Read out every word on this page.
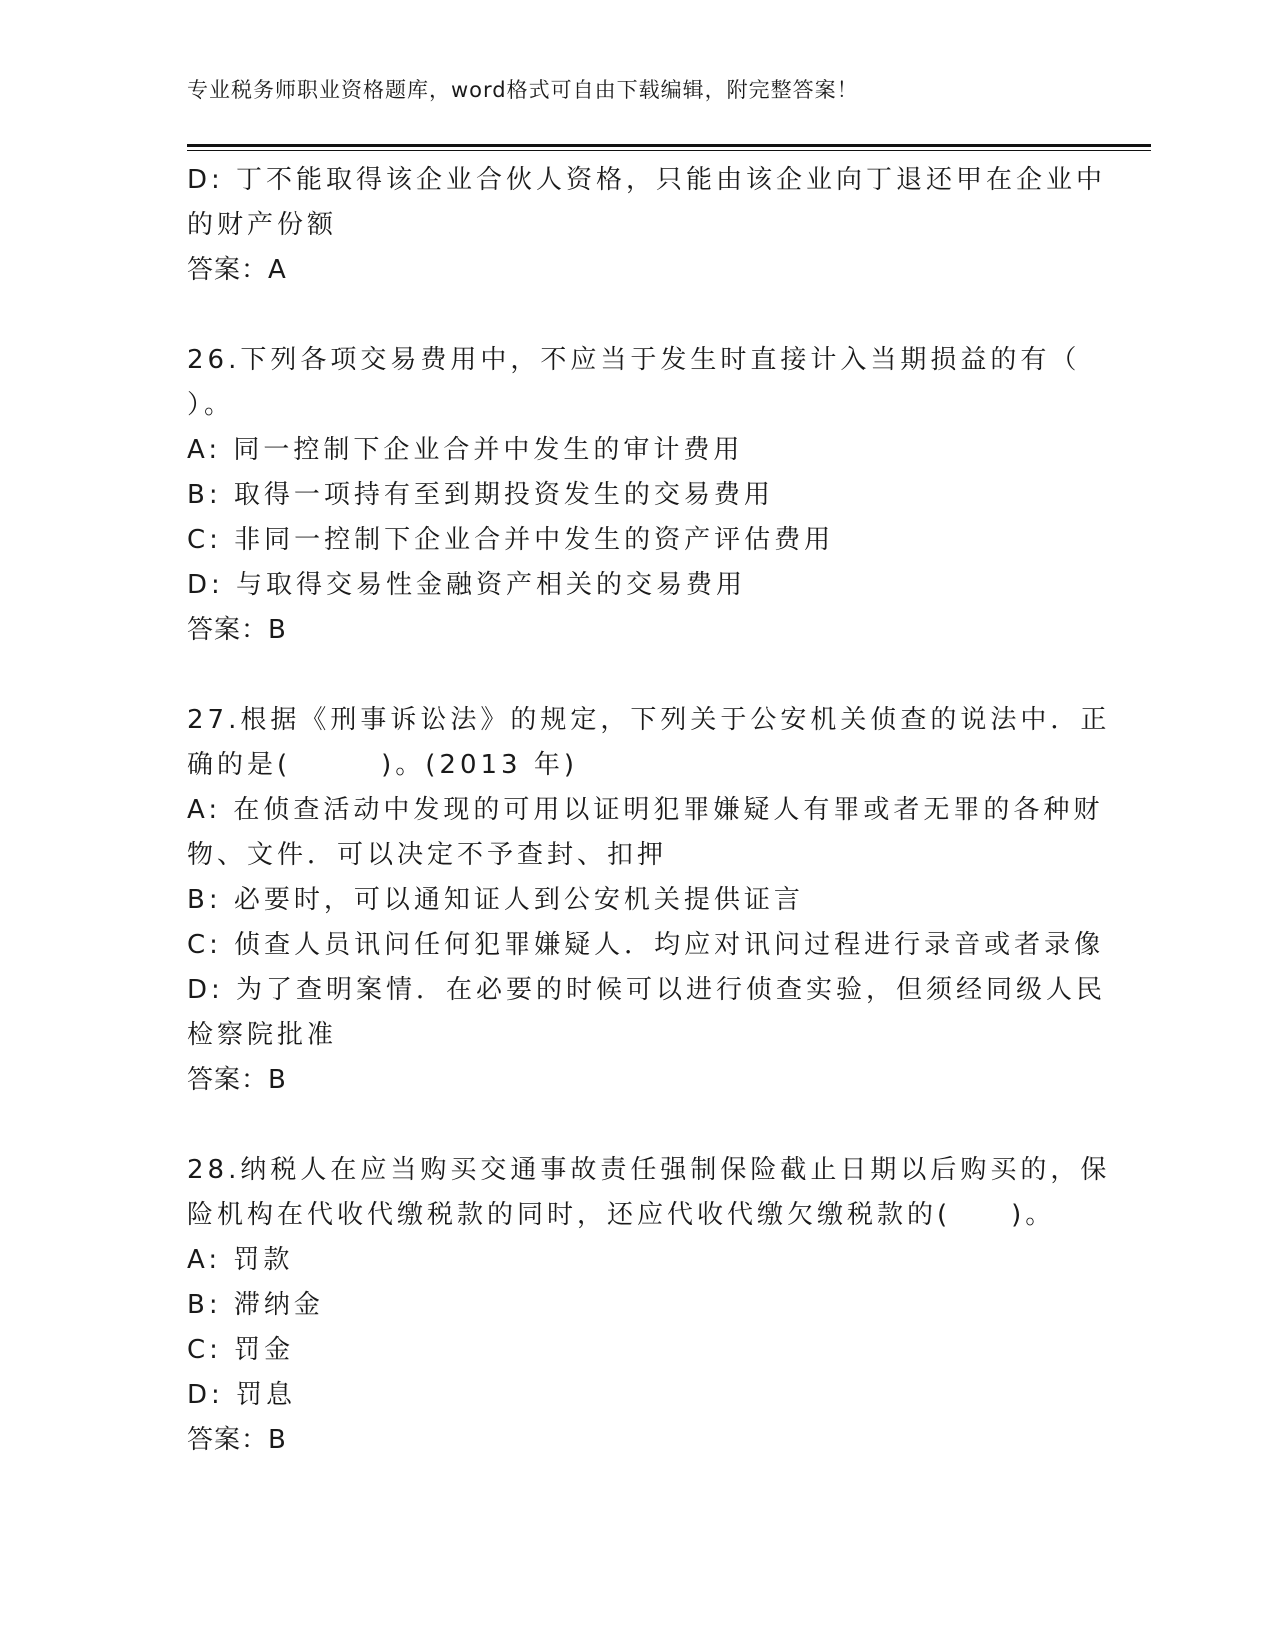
专业税务师职业资格题库，word格式可自由下载编辑，附完整答案！
D: 丁不能取得该企业合伙人资格，只能由该企业向丁退还甲在企业中
的财产份额
答案：A
26.下列各项交易费用中，不应当于发生时直接计入当期损益的有（
）。
A: 同一控制下企业合并中发生的审计费用
B: 取得一项持有至到期投资发生的交易费用
C: 非同一控制下企业合并中发生的资产评估费用
D: 与取得交易性金融资产相关的交易费用
答案：B
27.根据《刑事诉讼法》的规定，下列关于公安机关侦查的说法中．正
确的是(　　　)。(2013 年)
A: 在侦查活动中发现的可用以证明犯罪嫌疑人有罪或者无罪的各种财
物、文件．可以决定不予查封、扣押
B: 必要时，可以通知证人到公安机关提供证言
C: 侦查人员讯问任何犯罪嫌疑人．均应对讯问过程进行录音或者录像
D: 为了查明案情．在必要的时候可以进行侦查实验，但须经同级人民
检察院批准
答案：B
28.纳税人在应当购买交通事故责任强制保险截止日期以后购买的，保
险机构在代收代缴税款的同时，还应代收代缴欠缴税款的(　　)。
A: 罚款
B: 滞纳金
C: 罚金
D: 罚息
答案：B
